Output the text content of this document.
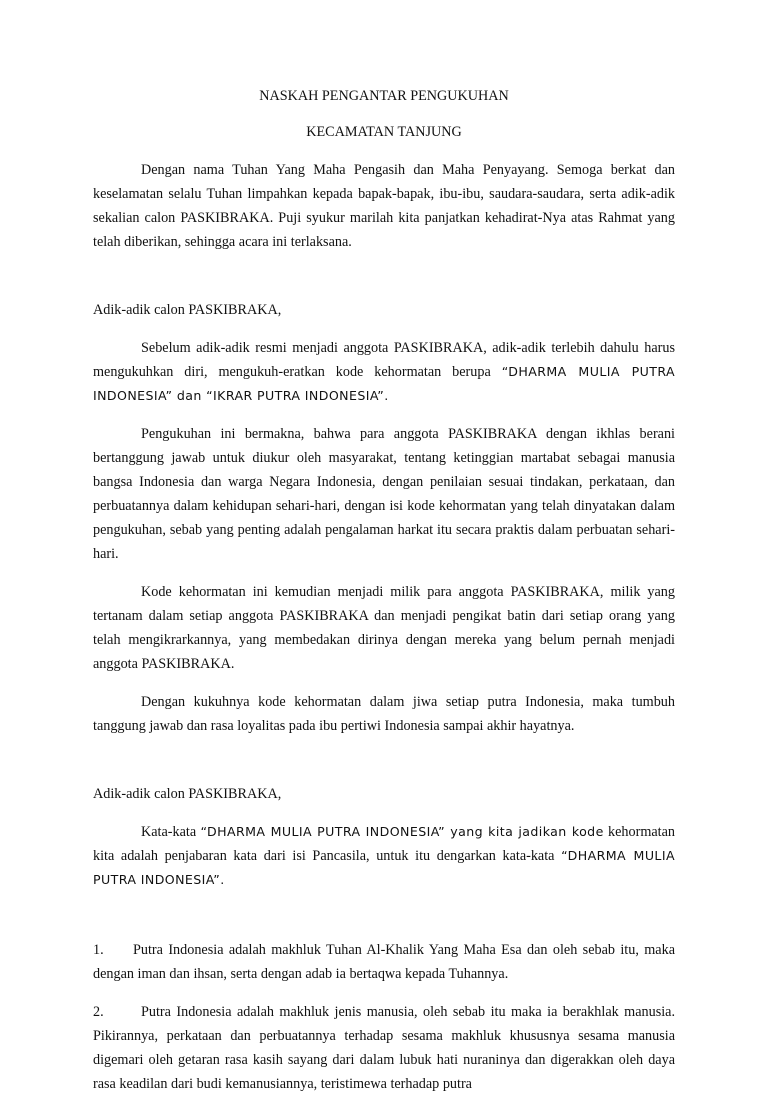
NASKAH PENGANTAR PENGUKUHAN
KECAMATAN TANJUNG

Dengan nama Tuhan Yang Maha Pengasih dan Maha Penyayang. Semoga berkat dan keselamatan selalu Tuhan limpahkan kepada bapak-bapak, ibu-ibu, saudara-saudara, serta adik-adik sekalian calon PASKIBRAKA. Puji syukur marilah kita panjatkan kehadirat-Nya atas Rahmat yang telah diberikan, sehingga acara ini terlaksana.

Adik-adik calon PASKIBRAKA,

Sebelum adik-adik resmi menjadi anggota PASKIBRAKA, adik-adik terlebih dahulu harus mengukuhkan diri, mengukuh-eratkan kode kehormatan berupa “DHARMA MULIA PUTRA INDONESIA” dan “IKRAR PUTRA INDONESIA”.

Pengukuhan ini bermakna, bahwa para anggota PASKIBRAKA dengan ikhlas berani bertanggung jawab untuk diukur oleh masyarakat, tentang ketinggian martabat sebagai manusia bangsa Indonesia dan warga Negara Indonesia, dengan penilaian sesuai tindakan, perkataan, dan perbuatannya dalam kehidupan sehari-hari, dengan isi kode kehormatan yang telah dinyatakan dalam pengukuhan, sebab yang penting adalah pengalaman harkat itu secara praktis dalam perbuatan sehari-hari.

Kode kehormatan ini kemudian menjadi milik para anggota PASKIBRAKA, milik yang tertanam dalam setiap anggota PASKIBRAKA dan menjadi pengikat batin dari setiap orang yang telah mengikrarkannya, yang membedakan dirinya dengan mereka yang belum pernah menjadi anggota PASKIBRAKA.

Dengan kukuhnya kode kehormatan dalam jiwa setiap putra Indonesia, maka tumbuh tanggung jawab dan rasa loyalitas pada ibu pertiwi Indonesia sampai akhir hayatnya.

Adik-adik calon PASKIBRAKA,

Kata-kata “DHARMA MULIA PUTRA INDONESIA” yang kita jadikan kode kehormatan kita adalah penjabaran kata dari isi Pancasila, untuk itu dengarkan kata-kata “DHARMA MULIA PUTRA INDONESIA”.

1. Putra Indonesia adalah makhluk Tuhan Al-Khalik Yang Maha Esa dan oleh sebab itu, maka dengan iman dan ihsan, serta dengan adab ia bertaqwa kepada Tuhannya.

2.	Putra Indonesia adalah makhluk jenis manusia, oleh sebab itu maka ia berakhlak manusia. Pikirannya, perkataan dan perbuatannya terhadap sesama makhluk khususnya sesama manusia digemari oleh getaran rasa kasih sayang dari dalam lubuk hati nuraninya dan digerakkan oleh daya rasa keadilan dari budi kemanusiannya, teristimewa terhadap putra
